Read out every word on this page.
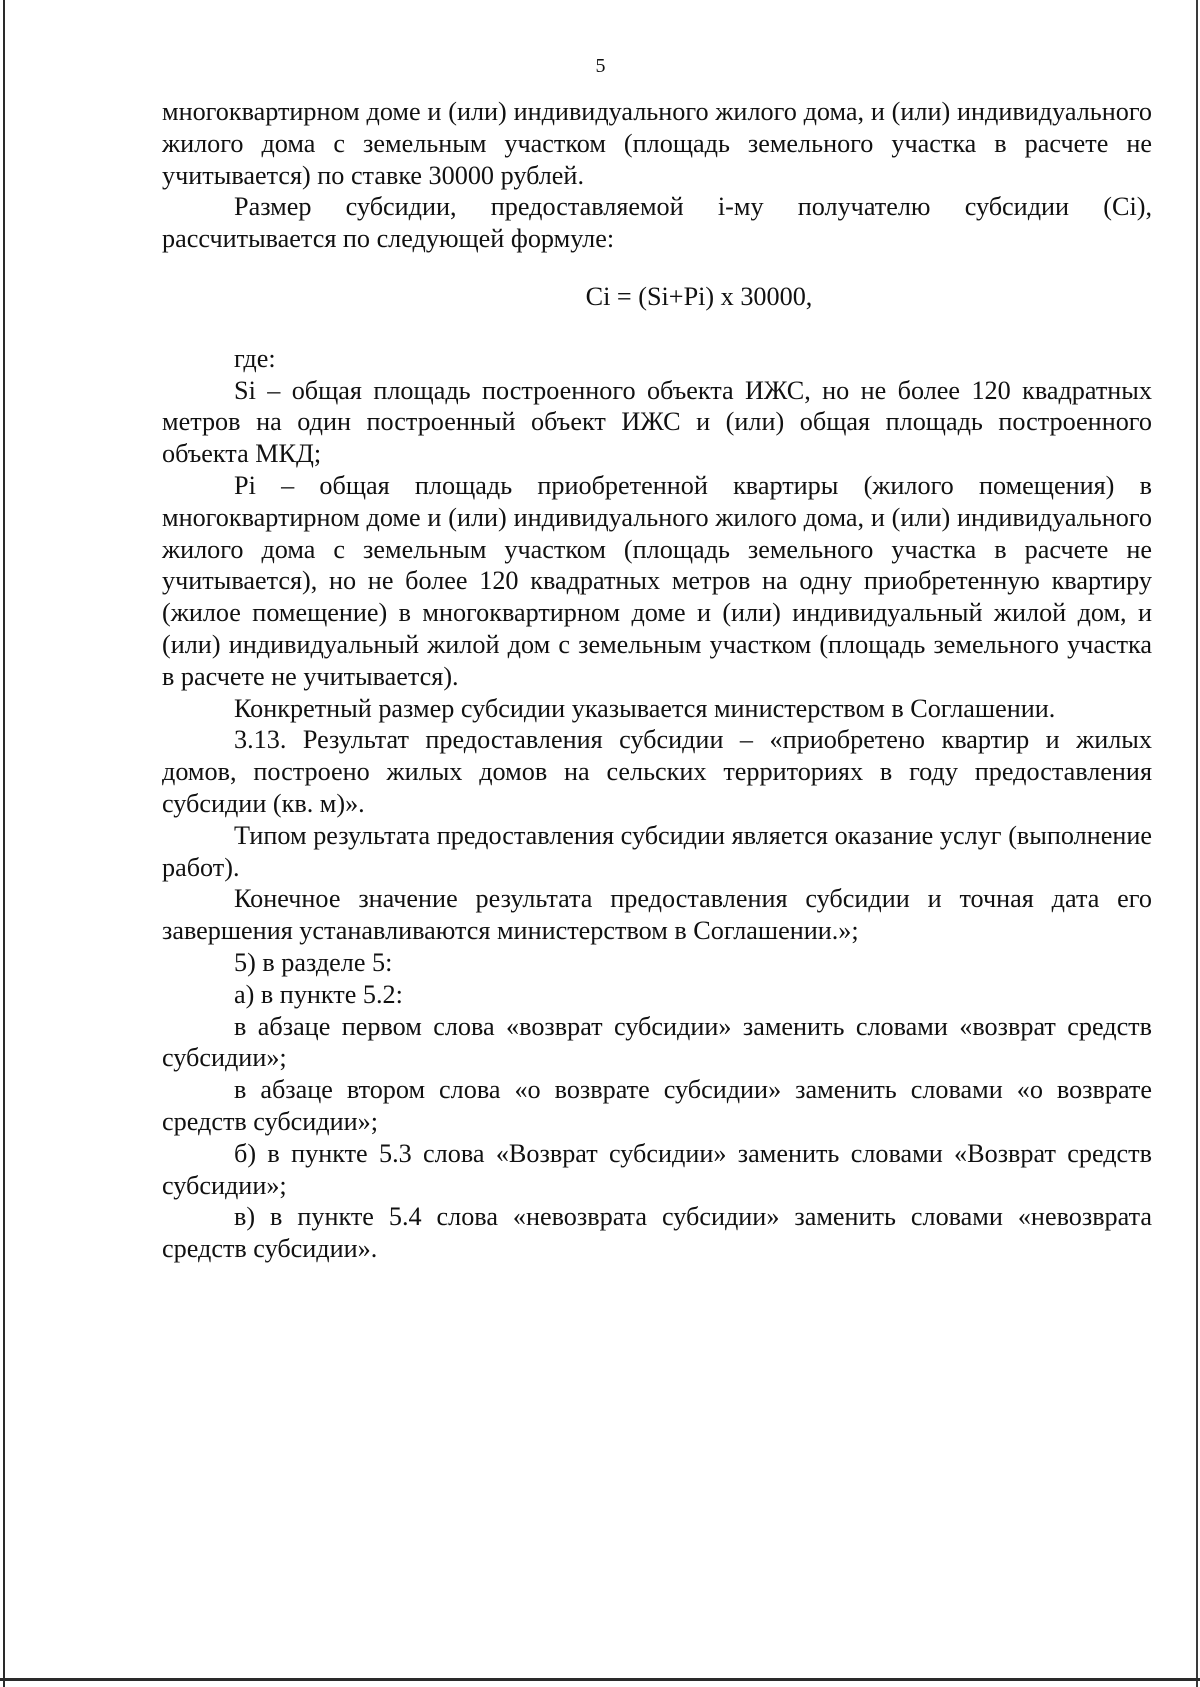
5

многоквартирном доме и (или) индивидуального жилого дома, и (или) индивидуального жилого дома с земельным участком (площадь земельного участка в расчете не учитывается) по ставке 30000 рублей.

Размер субсидии, предоставляемой i-му получателю субсидии (Ci), рассчитывается по следующей формуле:

Ci = (Si+Pi) x 30000,

где:

Si – общая площадь построенного объекта ИЖС, но не более 120 квадратных метров на один построенный объект ИЖС и (или) общая площадь построенного объекта МКД;

Pi – общая площадь приобретенной квартиры (жилого помещения) в многоквартирном доме и (или) индивидуального жилого дома, и (или) индивидуального жилого дома с земельным участком (площадь земельного участка в расчете не учитывается), но не более 120 квадратных метров на одну приобретенную квартиру (жилое помещение) в многоквартирном доме и (или) индивидуальный жилой дом, и (или) индивидуальный жилой дом с земельным участком (площадь земельного участка в расчете не учитывается).

Конкретный размер субсидии указывается министерством в Соглашении.

3.13. Результат предоставления субсидии – «приобретено квартир и жилых домов, построено жилых домов на сельских территориях в году предоставления субсидии (кв. м)».

Типом результата предоставления субсидии является оказание услуг (выполнение работ).

Конечное значение результата предоставления субсидии и точная дата его завершения устанавливаются министерством в Соглашении.»;

5) в разделе 5:

а) в пункте 5.2:

в абзаце первом слова «возврат субсидии» заменить словами «возврат средств субсидии»;

в абзаце втором слова «о возврате субсидии» заменить словами «о возврате средств субсидии»;

б) в пункте 5.3 слова «Возврат субсидии» заменить словами «Возврат средств субсидии»;

в) в пункте 5.4 слова «невозврата субсидии» заменить словами «невозврата средств субсидии».
